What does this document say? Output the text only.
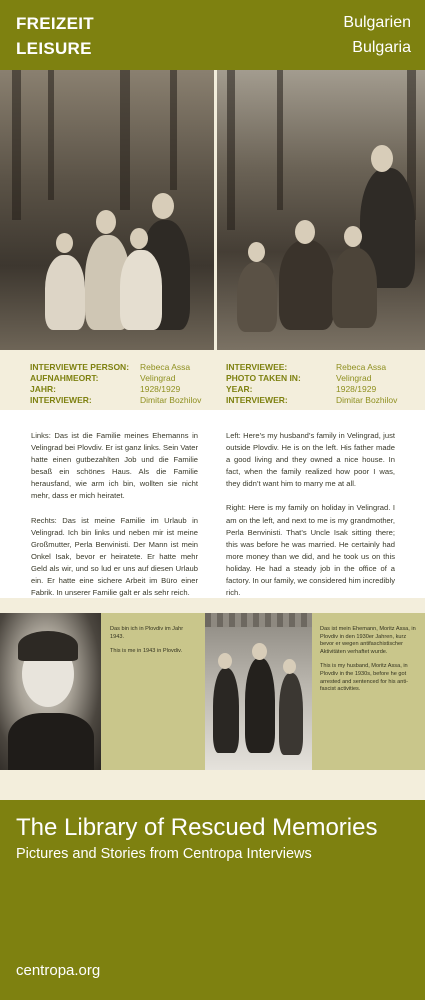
FREIZEIT
LEISURE
Bulgarien
Bulgaria
INTERVIEWTE PERSON: Rebeca Assa
AUFNAHMEORT:	Velingrad
JAHR:	1928/1929
INTERVIEWER:	Dimitar Bozhilov
INTERVIEWEE:	Rebeca Assa
PHOTO TAKEN IN:	Velingrad
YEAR:	1928/1929
INTERVIEWER:	Dimitar Bozhilov

Links: Das ist die Familie meines Ehemanns in Velingrad bei Plovdiv. Er ist ganz links. Sein Vater hatte einen gutbezahlten Job und die Familie besaß ein schönes Haus. Als die Familie herausfand, wie arm ich bin, wollten sie nicht mehr, dass er mich heiratet.

Rechts: Das ist meine Familie im Urlaub in Velingrad. Ich bin links und neben mir ist meine Großmutter, Perla Benvinisti. Der Mann ist mein Onkel Isak, bevor er heiratete. Er hatte mehr Geld als wir, und so lud er uns auf diesen Urlaub ein. Er hatte eine sichere Arbeit im Büro einer Fabrik. In unserer Familie galt er als sehr reich.

Left: Here’s my husband’s family in Velingrad, just outside Plovdiv. He is on the left. His father made a good living and they owned a nice house. In fact, when the family realized how poor I was, they didn’t want him to marry me at all.

Right: Here is my family on holiday in Velingrad. I am on the left, and next to me is my grandmother, Perla Benvinisti. That’s Uncle Isak sitting there; this was before he was married. He certainly had more money than we did, and he took us on this holiday. He had a steady job in the office of a factory. In our family, we considered him incredibly rich.

Das bin ich in Plovdiv im Jahr 1943.

This is me in 1943 in Plovdiv.

Das ist mein Ehemann, Moritz Assa, in Plovdiv in den 1930er Jahren, kurz bevor er wegen antifaschistischer Aktivitäten verhaftet wurde.

This is my husband, Moritz Assa, in Plovdiv in the 1930s, before he got arrested and sentenced for his anti-fascist activities.

The Library of Rescued Memories
Pictures and Stories from Centropa Interviews
centropa.org
